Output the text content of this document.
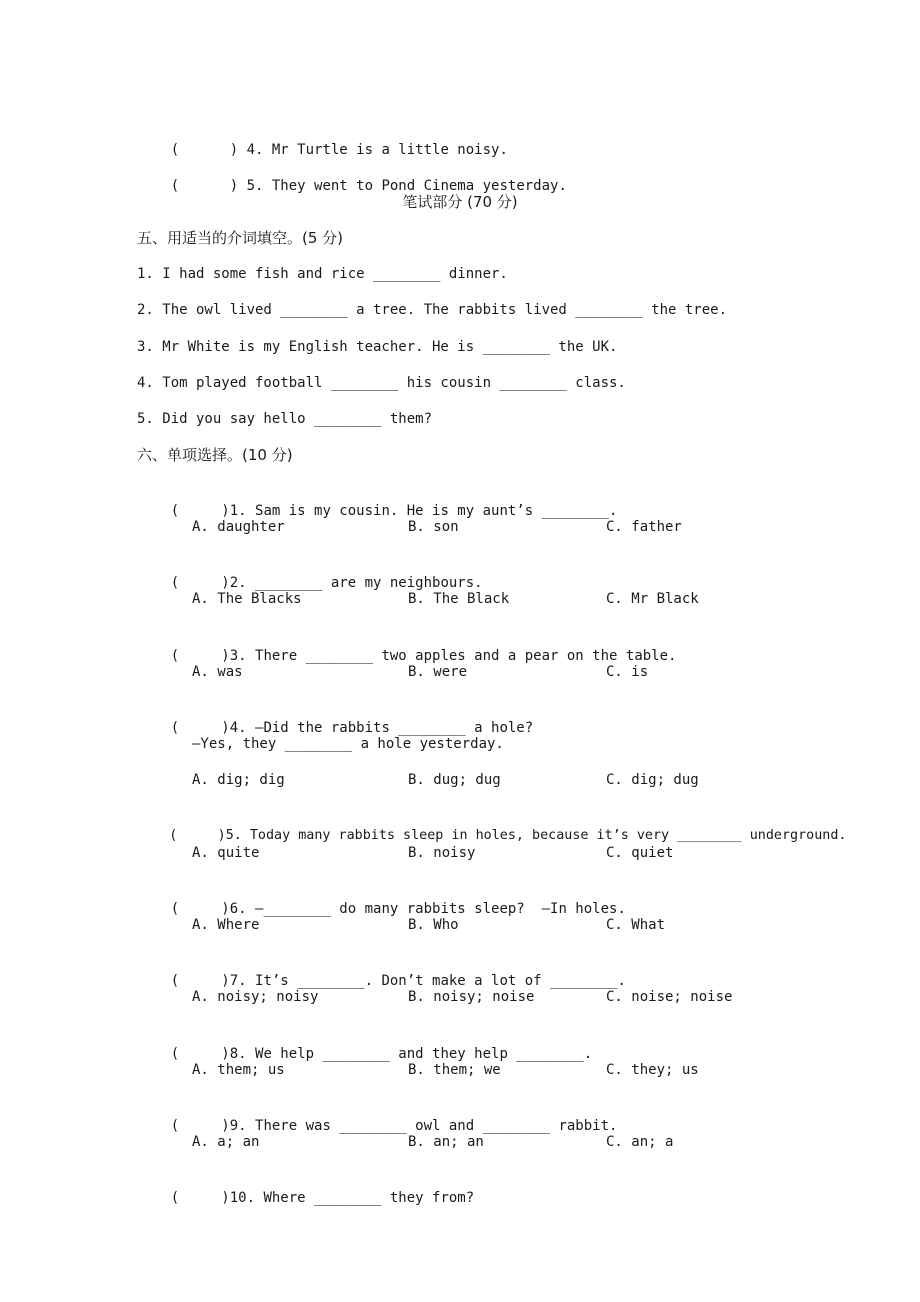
(      ) 4. Mr Turtle is a little noisy.

(      ) 5. They went to Pond Cinema yesterday.

笔试部分 (70 分)
五、用适当的介词填空。(5 分)
1. I had some fish and rice ________ dinner.
2. The owl lived ________ a tree. The rabbits lived ________ the tree.
3. Mr White is my English teacher. He is ________ the UK.
4. Tom played football ________ his cousin ________ class.
5. Did you say hello ________ them?
六、单项选择。(10 分)

(     )1. Sam is my cousin. He is my aunt’s ________.

A. daughter	B. son	C. father

(     )2. ________ are my neighbours.

A. The Blacks	B. The Black	C. Mr Black

(     )3. There ________ two apples and a pear on the table.

A. was	B. were	C. is

(     )4. —Did the rabbits ________ a hole?

—Yes, they ________ a hole yesterday.
A. dig; dig	B. dug; dug	C. dig; dug

(     )5. Today many rabbits sleep in holes, because it’s very ________ underground.

A. quite	B. noisy	C. quiet

(     )6. —________ do many rabbits sleep?  —In holes.

A. Where	B. Who	C. What

(     )7. It’s ________. Don’t make a lot of ________.

A. noisy; noisy	B. noisy; noise	C. noise; noise

(     )8. We help ________ and they help ________.

A. them; us	B. them; we	C. they; us

(     )9. There was ________ owl and ________ rabbit.

A. a; an	B. an; an	C. an; a

(     )10. Where ________ they from?
